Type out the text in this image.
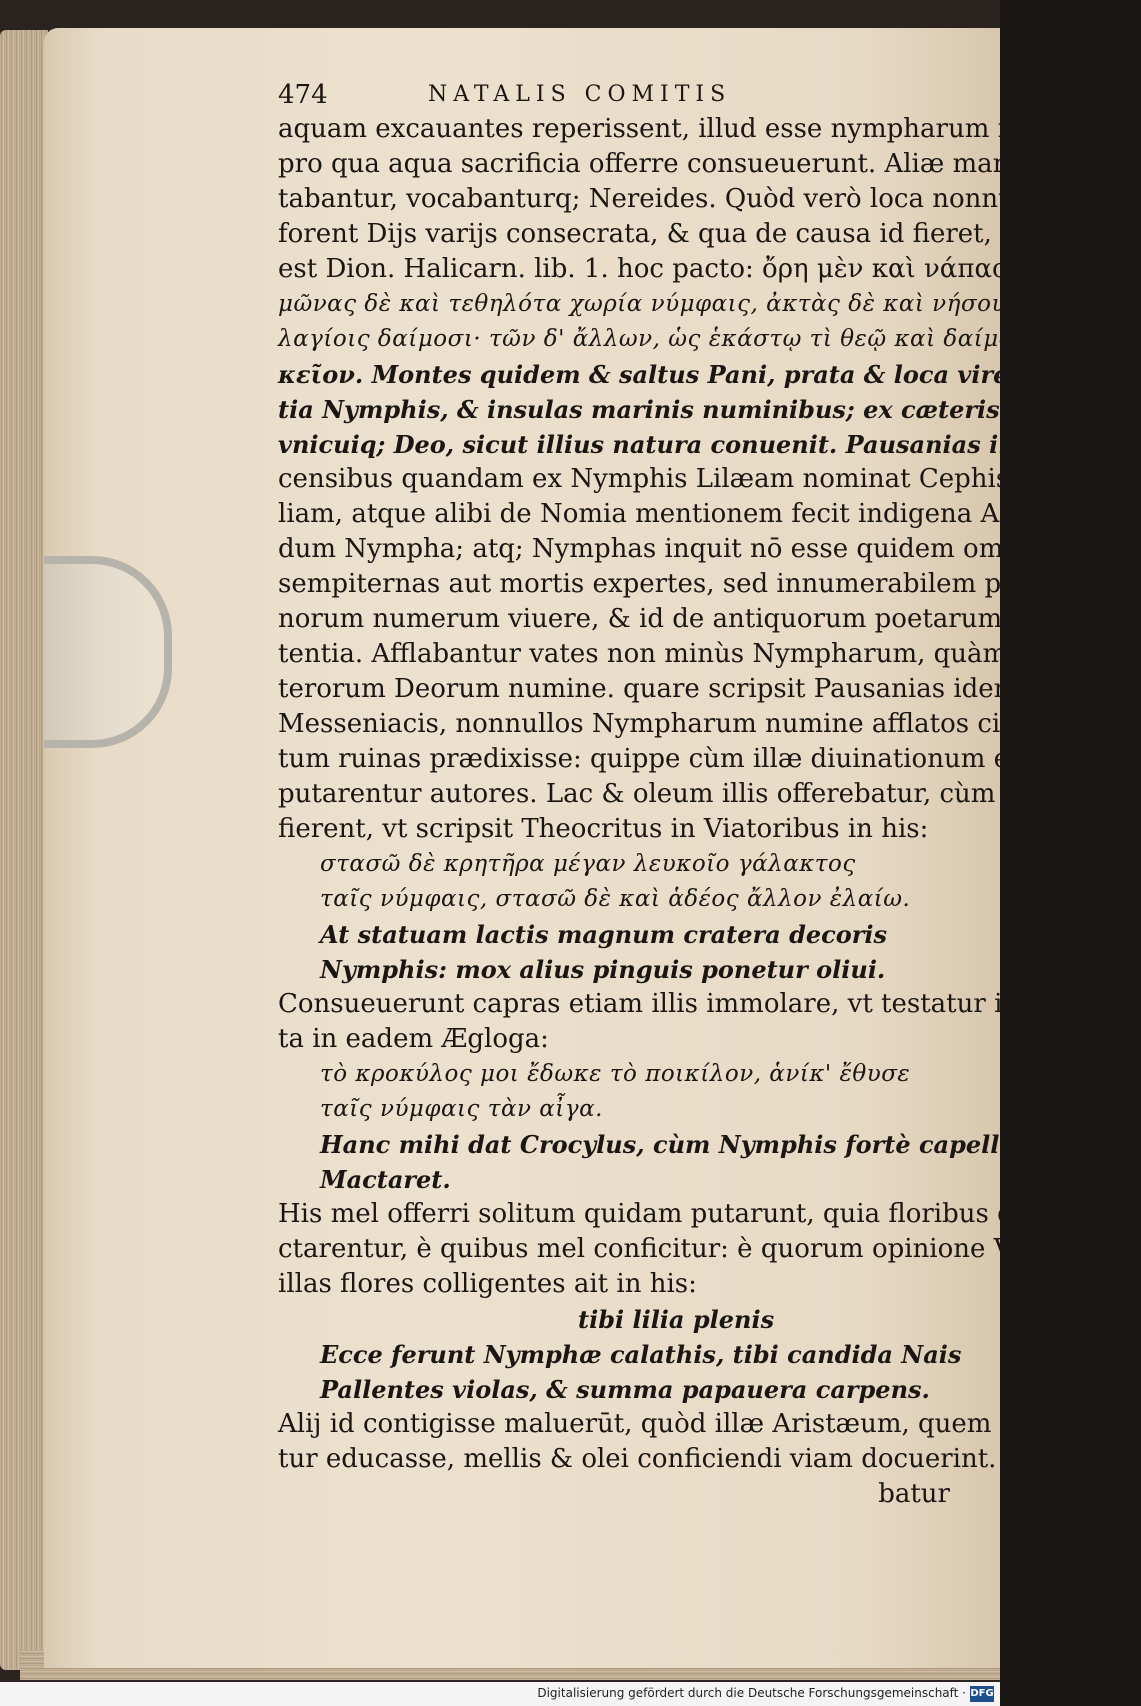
474	NATALIS COMITIS
aquam excauantes reperissent, illud esse nympharum munus
pro qua aqua sacrificia offerre consueuerunt. Aliæ marinæ pu-
tabantur, vocabanturq; Nereides. Quòd verò loca nonnulla
forent Dijs varijs consecrata, & qua de causa id fieret, testatus
est Dion. Halicarn. lib. 1. hoc pacto: ὄρη μὲν καὶ νάπας πανὶ, λει-
μῶνας δὲ καὶ τεθηλότα χωρία νύμφαις, ἀκτὰς δὲ καὶ νήσους πε-
λαγίοις δαίμοσι· τῶν δ' ἄλλων, ὡς ἑκάστῳ τὶ θεῷ καὶ δαίμονι οἰ-
κεῖον. Montes quidem & saltus Pani, prata & loca virenr-
tia Nymphis, & insulas marinis numinibus; ex cæteris locis
vnicuiq; Deo, sicut illius natura conuenit. Pausanias in Pho-
censibus quandam ex Nymphis Lilæam nominat Cephisi fi-
liam, atque alibi de Nomia mentionem fecit indigena Arca-
dum Nympha; atq; Nymphas inquit nō esse quidem omnino
sempiternas aut mortis expertes, sed innumerabilem penè an
norum numerum viuere, & id de antiquorum poetarum sen-
tentia. Afflabantur vates non minùs Nympharum, quàm cæ-
terorum Deorum numine. quare scripsit Pausanias idem in
Messeniacis, nonnullos Nympharum numine afflatos ciuita-
tum ruinas prædixisse: quippe cùm illæ diuinationum etiam
putarentur autores. Lac & oleum illis offerebatur, cùm sacra
fierent, vt scripsit Theocritus in Viatoribus in his:
στασῶ δὲ κρητῆρα μέγαν λευκοῖο γάλακτος
ταῖς νύμφαις, στασῶ δὲ καὶ ἁδέος ἄλλον ἐλαίω.
At statuam lactis magnum cratera decoris
Nymphis: mox alius pinguis ponetur oliui.
Consueuerunt capras etiam illis immolare, vt testatur idē poe-
ta in eadem Ægloga:
τὸ κροκύλος μοι ἔδωκε τὸ ποικίλον, ἁνίκ' ἔθυσε
ταῖς νύμφαις τὰν αἶγα.
Hanc mihi dat Crocylus, cùm Nymphis fortè capellam
Mactaret.
His mel offerri solitum quidam putarunt, quia floribus dele-
ctarentur, è quibus mel conficitur: è quorum opinione Virg.
illas flores colligentes ait in his:
tibi lilia plenis
Ecce ferunt Nymphæ calathis, tibi candida Nais
Pallentes violas, & summa papauera carpens.
Alij id contigisse maluerūt, quòd illæ Aristæum, quem putan-
tur educasse, mellis & olei conficiendi viam docuerint. Offere-
batur
Digitalisierung gefördert durch die Deutsche Forschungsgemeinschaft · DFG
